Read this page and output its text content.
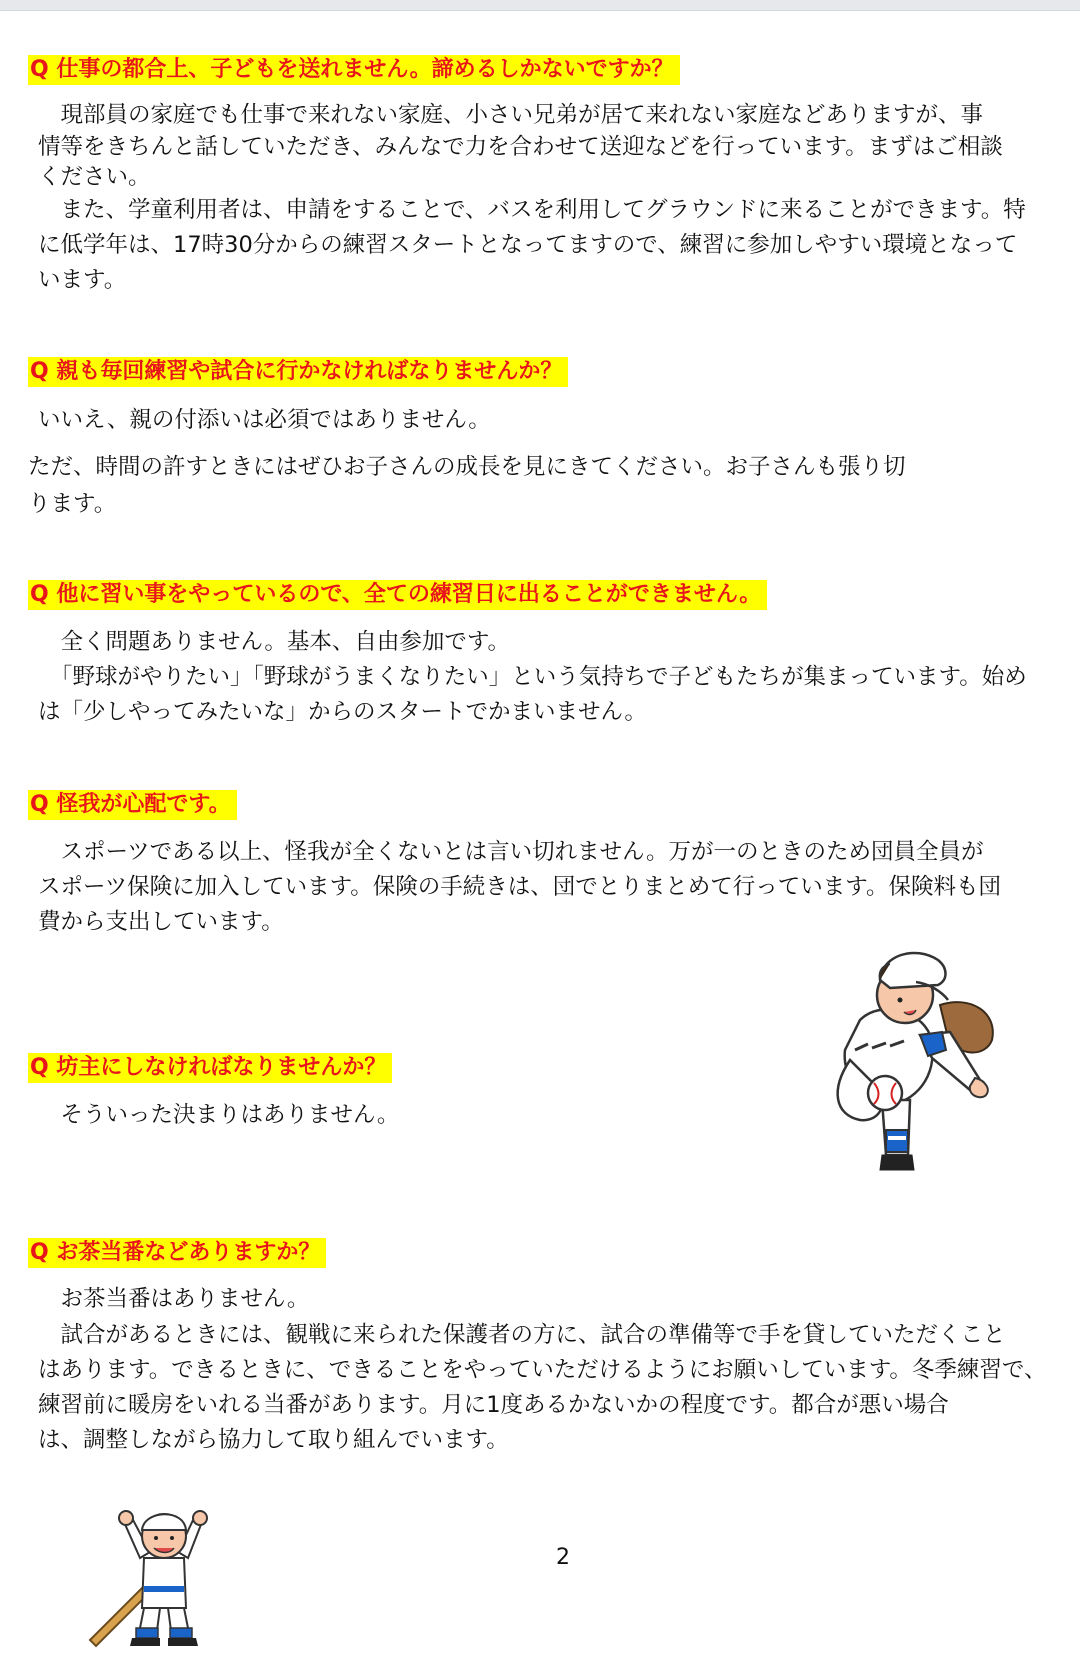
Q 仕事の都合上、子どもを送れません。諦めるしかないですか？
　現部員の家庭でも仕事で来れない家庭、小さい兄弟が居て来れない家庭などありますが、事
情等をきちんと話していただき、みんなで力を合わせて送迎などを行っています。まずはご相談
ください。
　また、学童利用者は、申請をすることで、バスを利用してグラウンドに来ることができます。特
に低学年は、17時30分からの練習スタートとなってますので、練習に参加しやすい環境となって
います。
Q 親も毎回練習や試合に行かなければなりませんか？
いいえ、親の付添いは必須ではありません。
ただ、時間の許すときにはぜひお子さんの成長を見にきてください。お子さんも張り切
ります。
Q 他に習い事をやっているので、全ての練習日に出ることができません。
　全く問題ありません。基本、自由参加です。
「野球がやりたい」「野球がうまくなりたい」という気持ちで子どもたちが集まっています。始め
は「少しやってみたいな」からのスタートでかまいません。
Q 怪我が心配です。
　スポーツである以上、怪我が全くないとは言い切れません。万が一のときのため団員全員が
スポーツ保険に加入しています。保険の手続きは、団でとりまとめて行っています。保険料も団
費から支出しています。
Q 坊主にしなければなりませんか？
　そういった決まりはありません。
Q お茶当番などありますか？
　お茶当番はありません。
　試合があるときには、観戦に来られた保護者の方に、試合の準備等で手を貸していただくこと
はあります。できるときに、できることをやっていただけるようにお願いしています。冬季練習で、
練習前に暖房をいれる当番があります。月に1度あるかないかの程度です。都合が悪い場合
は、調整しながら協力して取り組んでいます。
2
